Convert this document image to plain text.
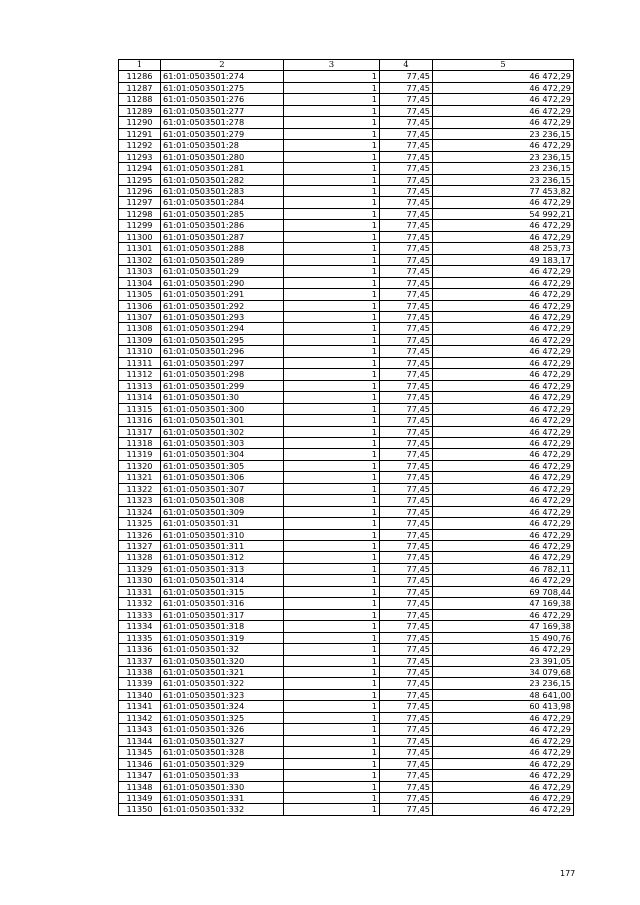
1	2	3	4	5
11286	61:01:0503501:274	1	77,45	46 472,29
11287	61:01:0503501:275	1	77,45	46 472,29
11288	61:01:0503501:276	1	77,45	46 472,29
11289	61:01:0503501:277	1	77,45	46 472,29
11290	61:01:0503501:278	1	77,45	46 472,29
11291	61:01:0503501:279	1	77,45	23 236,15
11292	61:01:0503501:28	1	77,45	46 472,29
11293	61:01:0503501:280	1	77,45	23 236,15
11294	61:01:0503501:281	1	77,45	23 236,15
11295	61:01:0503501:282	1	77,45	23 236,15
11296	61:01:0503501:283	1	77,45	77 453,82
11297	61:01:0503501:284	1	77,45	46 472,29
11298	61:01:0503501:285	1	77,45	54 992,21
11299	61:01:0503501:286	1	77,45	46 472,29
11300	61:01:0503501:287	1	77,45	46 472,29
11301	61:01:0503501:288	1	77,45	48 253,73
11302	61:01:0503501:289	1	77,45	49 183,17
11303	61:01:0503501:29	1	77,45	46 472,29
11304	61:01:0503501:290	1	77,45	46 472,29
11305	61:01:0503501:291	1	77,45	46 472,29
11306	61:01:0503501:292	1	77,45	46 472,29
11307	61:01:0503501:293	1	77,45	46 472,29
11308	61:01:0503501:294	1	77,45	46 472,29
11309	61:01:0503501:295	1	77,45	46 472,29
11310	61:01:0503501:296	1	77,45	46 472,29
11311	61:01:0503501:297	1	77,45	46 472,29
11312	61:01:0503501:298	1	77,45	46 472,29
11313	61:01:0503501:299	1	77,45	46 472,29
11314	61:01:0503501:30	1	77,45	46 472,29
11315	61:01:0503501:300	1	77,45	46 472,29
11316	61:01:0503501:301	1	77,45	46 472,29
11317	61:01:0503501:302	1	77,45	46 472,29
11318	61:01:0503501:303	1	77,45	46 472,29
11319	61:01:0503501:304	1	77,45	46 472,29
11320	61:01:0503501:305	1	77,45	46 472,29
11321	61:01:0503501:306	1	77,45	46 472,29
11322	61:01:0503501:307	1	77,45	46 472,29
11323	61:01:0503501:308	1	77,45	46 472,29
11324	61:01:0503501:309	1	77,45	46 472,29
11325	61:01:0503501:31	1	77,45	46 472,29
11326	61:01:0503501:310	1	77,45	46 472,29
11327	61:01:0503501:311	1	77,45	46 472,29
11328	61:01:0503501:312	1	77,45	46 472,29
11329	61:01:0503501:313	1	77,45	46 782,11
11330	61:01:0503501:314	1	77,45	46 472,29
11331	61:01:0503501:315	1	77,45	69 708,44
11332	61:01:0503501:316	1	77,45	47 169,38
11333	61:01:0503501:317	1	77,45	46 472,29
11334	61:01:0503501:318	1	77,45	47 169,38
11335	61:01:0503501:319	1	77,45	15 490,76
11336	61:01:0503501:32	1	77,45	46 472,29
11337	61:01:0503501:320	1	77,45	23 391,05
11338	61:01:0503501:321	1	77,45	34 079,68
11339	61:01:0503501:322	1	77,45	23 236,15
11340	61:01:0503501:323	1	77,45	48 641,00
11341	61:01:0503501:324	1	77,45	60 413,98
11342	61:01:0503501:325	1	77,45	46 472,29
11343	61:01:0503501:326	1	77,45	46 472,29
11344	61:01:0503501:327	1	77,45	46 472,29
11345	61:01:0503501:328	1	77,45	46 472,29
11346	61:01:0503501:329	1	77,45	46 472,29
11347	61:01:0503501:33	1	77,45	46 472,29
11348	61:01:0503501:330	1	77,45	46 472,29
11349	61:01:0503501:331	1	77,45	46 472,29
11350	61:01:0503501:332	1	77,45	46 472,29
177
